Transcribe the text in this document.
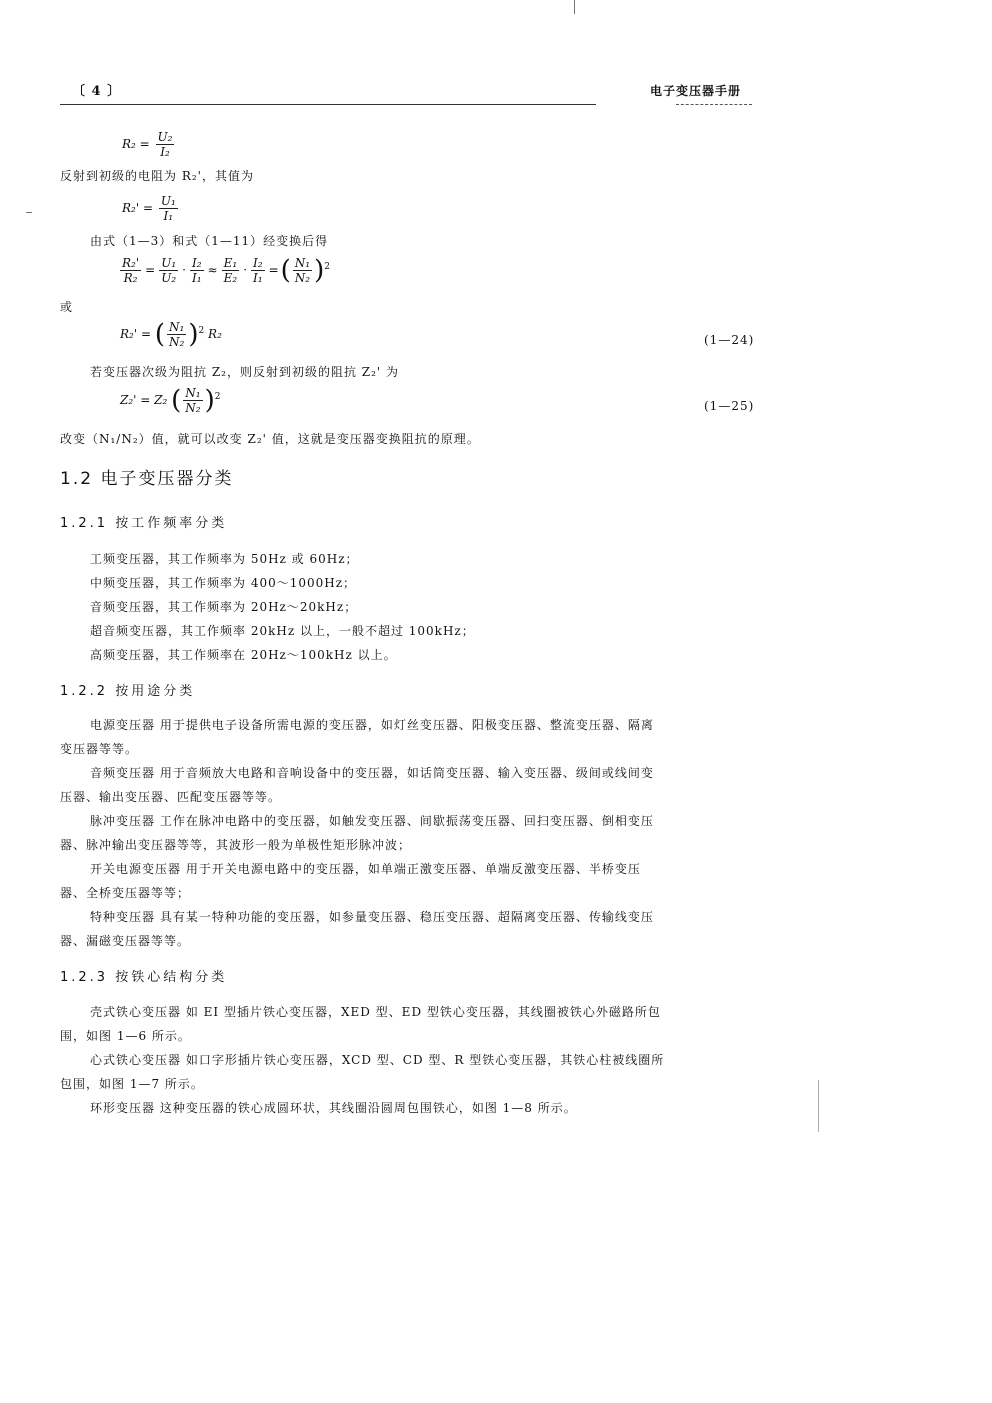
〔 4 〕	电子变压器手册
$R_2 = \frac{\text{U₂}}{\text{I₂}}$
反射到初级的电阻为 R₂'，其值为
$R_2' = \frac{\text{U₁}}{\text{I₁}}$
由式（1—3）和式（1—11）经变换后得
$\frac{\text{R₂'}}{\text{R₂}} = \frac{\text{U₁}}{\text{U₂}} \cdot \frac{\text{I₂}}{\text{I₁}} \approx \frac{\text{E₁}}{\text{E₂}} \cdot \frac{\text{I₂}}{\text{I₁}}$ =( $\frac{\text{N₁}}{\text{N₂}} )^2$
或
R₂' = ( $\frac{\text{N₁}}{\text{N₂}} )^2$ R₂	(1—24)
若变压器次级为阻抗 Z₂，则反射到初级的阻抗 Z₂' 为
Z₂' = Z₂ ( $\frac{\text{N₁}}{\text{N₂}} )^2$
(1—25)
改变（N₁/N₂）值，就可以改变 Z₂' 值，这就是变压器变换阻抗的原理。
1.2 电子变压器分类
1.2.1 按工作频率分类
工频变压器，其工作频率为 50Hz 或 60Hz；
中频变压器，其工作频率为 400～1000Hz；
音频变压器，其工作频率为 20Hz～20kHz；
超音频变压器，其工作频率 20kHz 以上，一般不超过 100kHz；
高频变压器，其工作频率在 20Hz～100kHz 以上。
1.2.2 按用途分类
电源变压器 用于提供电子设备所需电源的变压器，如灯丝变压器、阳极变压器、整流变压器、隔离
变压器等等。
音频变压器 用于音频放大电路和音响设备中的变压器，如话筒变压器、输入变压器、级间或线间变
压器、输出变压器、匹配变压器等等。
脉冲变压器 工作在脉冲电路中的变压器，如触发变压器、间歇振荡变压器、回扫变压器、倒相变压
器、脉冲输出变压器等等，其波形一般为单极性矩形脉冲波；
开关电源变压器 用于开关电源电路中的变压器，如单端正激变压器、单端反激变压器、半桥变压
器、全桥变压器等等；
特种变压器 具有某一特种功能的变压器，如参量变压器、稳压变压器、超隔离变压器、传输线变压
器、漏磁变压器等等。
1.2.3 按铁心结构分类
壳式铁心变压器 如 EI 型插片铁心变压器，XED 型、ED 型铁心变压器，其线圈被铁心外磁路所包
围，如图 1—6 所示。
心式铁心变压器 如口字形插片铁心变压器，XCD 型、CD 型、R 型铁心变压器，其铁心柱被线圈所
包围，如图 1—7 所示。
环形变压器 这种变压器的铁心成圆环状，其线圈沿圆周包围铁心，如图 1—8 所示。
